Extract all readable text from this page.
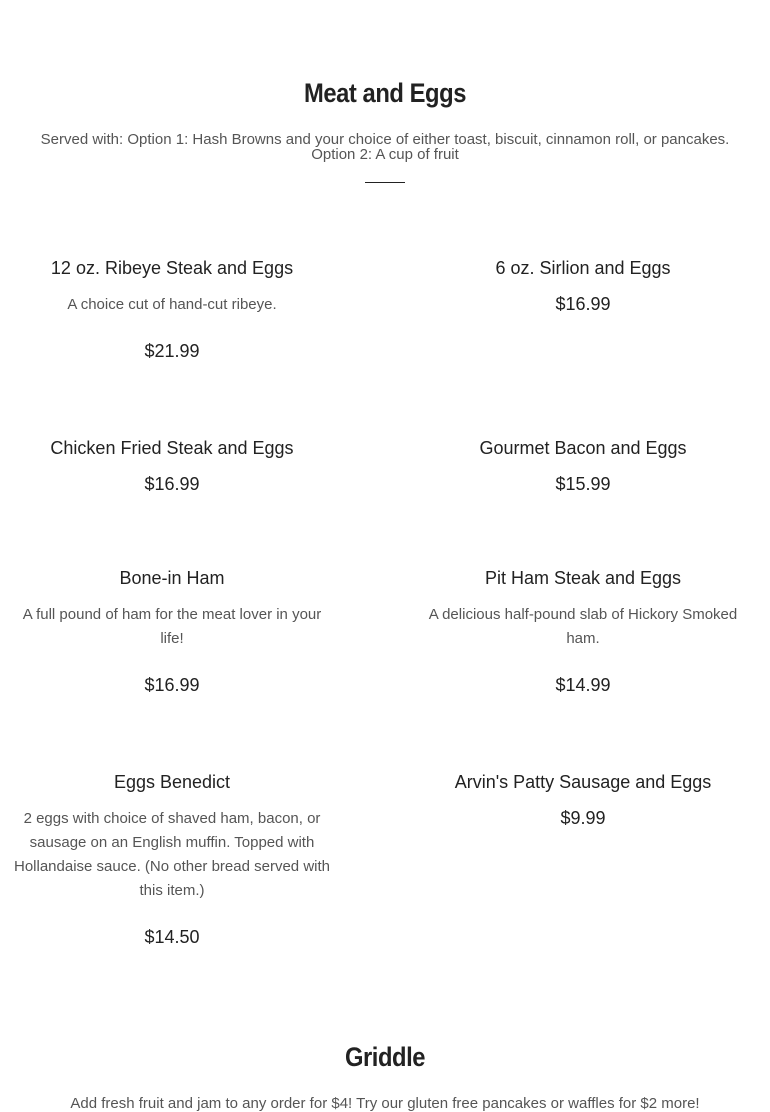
Meat and Eggs

Served with: Option 1: Hash Browns and your choice of either toast, biscuit, cinnamon roll, or pancakes.

Option 2: A cup of fruit

12 oz. Ribeye Steak and Eggs

A choice cut of hand-cut ribeye.

$21.99

6 oz. Sirlion and Eggs

$16.99

Chicken Fried Steak and Eggs

$16.99

Gourmet Bacon and Eggs

$15.99

Bone-in Ham

A full pound of ham for the meat lover in your life!

$16.99

Pit Ham Steak and Eggs

A delicious half-pound slab of Hickory Smoked ham.

$14.99

Eggs Benedict

2 eggs with choice of shaved ham, bacon, or sausage on an English muffin. Topped with Hollandaise sauce. (No other bread served with this item.)

$14.50

Arvin's Patty Sausage and Eggs

$9.99

Griddle

Add fresh fruit and jam to any order for $4! Try our gluten free pancakes or waffles for $2 more!
